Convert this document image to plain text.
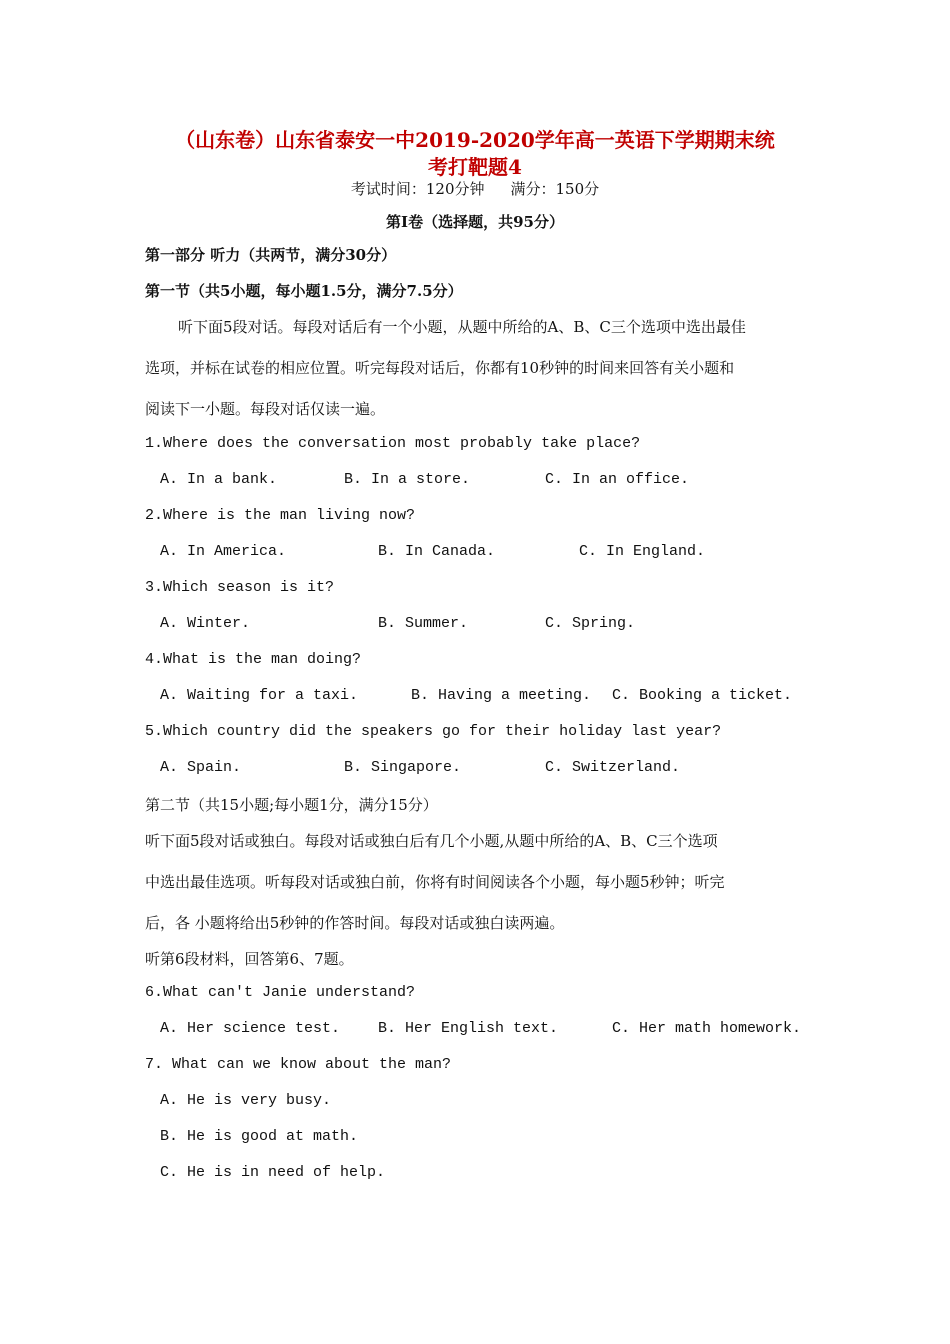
（山东卷）山东省泰安一中2019-2020学年高一英语下学期期末统
考打靶题4
考试时间：120分钟 满分：150分
第Ⅰ卷（选择题，共95分）
第一部分 听力（共两节，满分30分）
第一节（共5小题，每小题1.5分，满分7.5分）
听下面5段对话。每段对话后有一个小题，从题中所给的A、B、C三个选项中选出最佳
选项，并标在试卷的相应位置。听完每段对话后，你都有10秒钟的时间来回答有关小题和
阅读下一小题。每段对话仅读一遍。
1.Where does the conversation most probably take place?
A. In a bank.	B. In a store.	C. In an office.
2.Where is the man living now?
A. In America.	B. In Canada.	C. In England.
3.Which season is it?
A. Winter.	B. Summer.	C. Spring.
4.What is the man doing?
A. Waiting for a taxi.	B. Having a meeting. C. Booking a ticket.
5.Which country did the speakers go for their holiday last year?
A. Spain.	B. Singapore.	C. Switzerland.
第二节（共15小题;每小题1分，满分15分）
听下面5段对话或独白。每段对话或独白后有几个小题,从题中所给的A、B、C三个选项
中选出最佳选项。听每段对话或独白前，你将有时间阅读各个小题，每小题5秒钟；听完
后，各 小题将给出5秒钟的作答时间。每段对话或独白读两遍。
听第6段材料，回答第6、7题。
6.What can't Janie understand?
A. Her science test.	B. Her English text.	C. Her math homework.
7. What can we know about the man?
A. He is very busy.
B. He is good at math.
C. He is in need of help.
